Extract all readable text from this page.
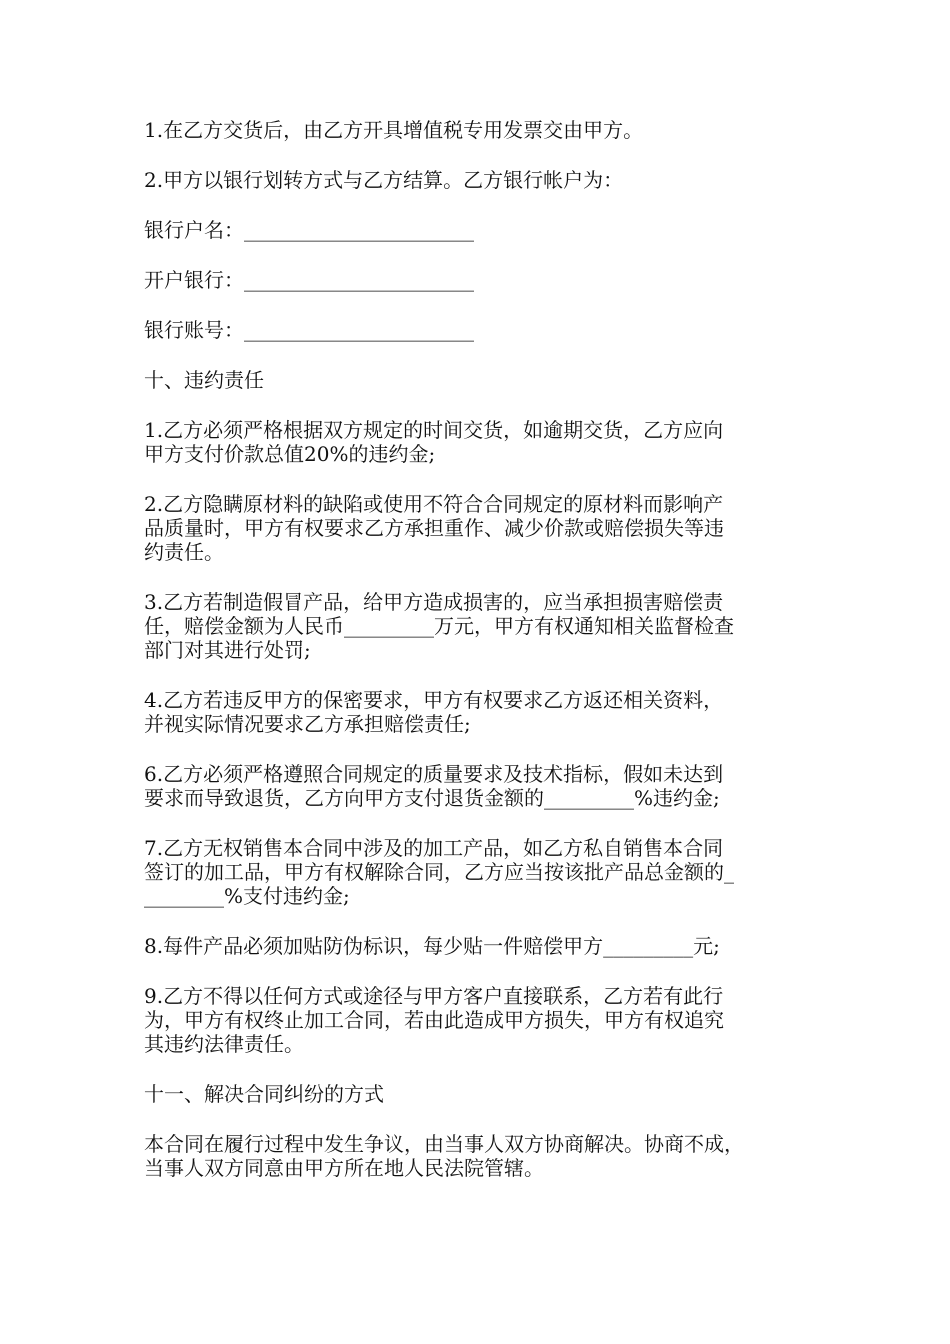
1.在乙方交货后，由乙方开具增值税专用发票交由甲方。

2.甲方以银行划转方式与乙方结算。乙方银行帐户为：

银行户名：_______________________

开户银行：_______________________

银行账号：_______________________

十、违约责任

1.乙方必须严格根据双方规定的时间交货，如逾期交货，乙方应向
甲方支付价款总值20%的违约金;

2.乙方隐瞒原材料的缺陷或使用不符合合同规定的原材料而影响产
品质量时，甲方有权要求乙方承担重作、减少价款或赔偿损失等违
约责任。

3.乙方若制造假冒产品，给甲方造成损害的，应当承担损害赔偿责
任，赔偿金额为人民币_________万元，甲方有权通知相关监督检查
部门对其进行处罚;

4.乙方若违反甲方的保密要求，甲方有权要求乙方返还相关资料，
并视实际情况要求乙方承担赔偿责任;

6.乙方必须严格遵照合同规定的质量要求及技术指标，假如未达到
要求而导致退货，乙方向甲方支付退货金额的_________%违约金;

7.乙方无权销售本合同中涉及的加工产品，如乙方私自销售本合同
签订的加工品，甲方有权解除合同，乙方应当按该批产品总金额的_
________%支付违约金;

8.每件产品必须加贴防伪标识，每少贴一件赔偿甲方_________元;

9.乙方不得以任何方式或途径与甲方客户直接联系，乙方若有此行
为，甲方有权终止加工合同，若由此造成甲方损失，甲方有权追究
其违约法律责任。

十一、解决合同纠纷的方式

本合同在履行过程中发生争议，由当事人双方协商解决。协商不成，
当事人双方同意由甲方所在地人民法院管辖。
